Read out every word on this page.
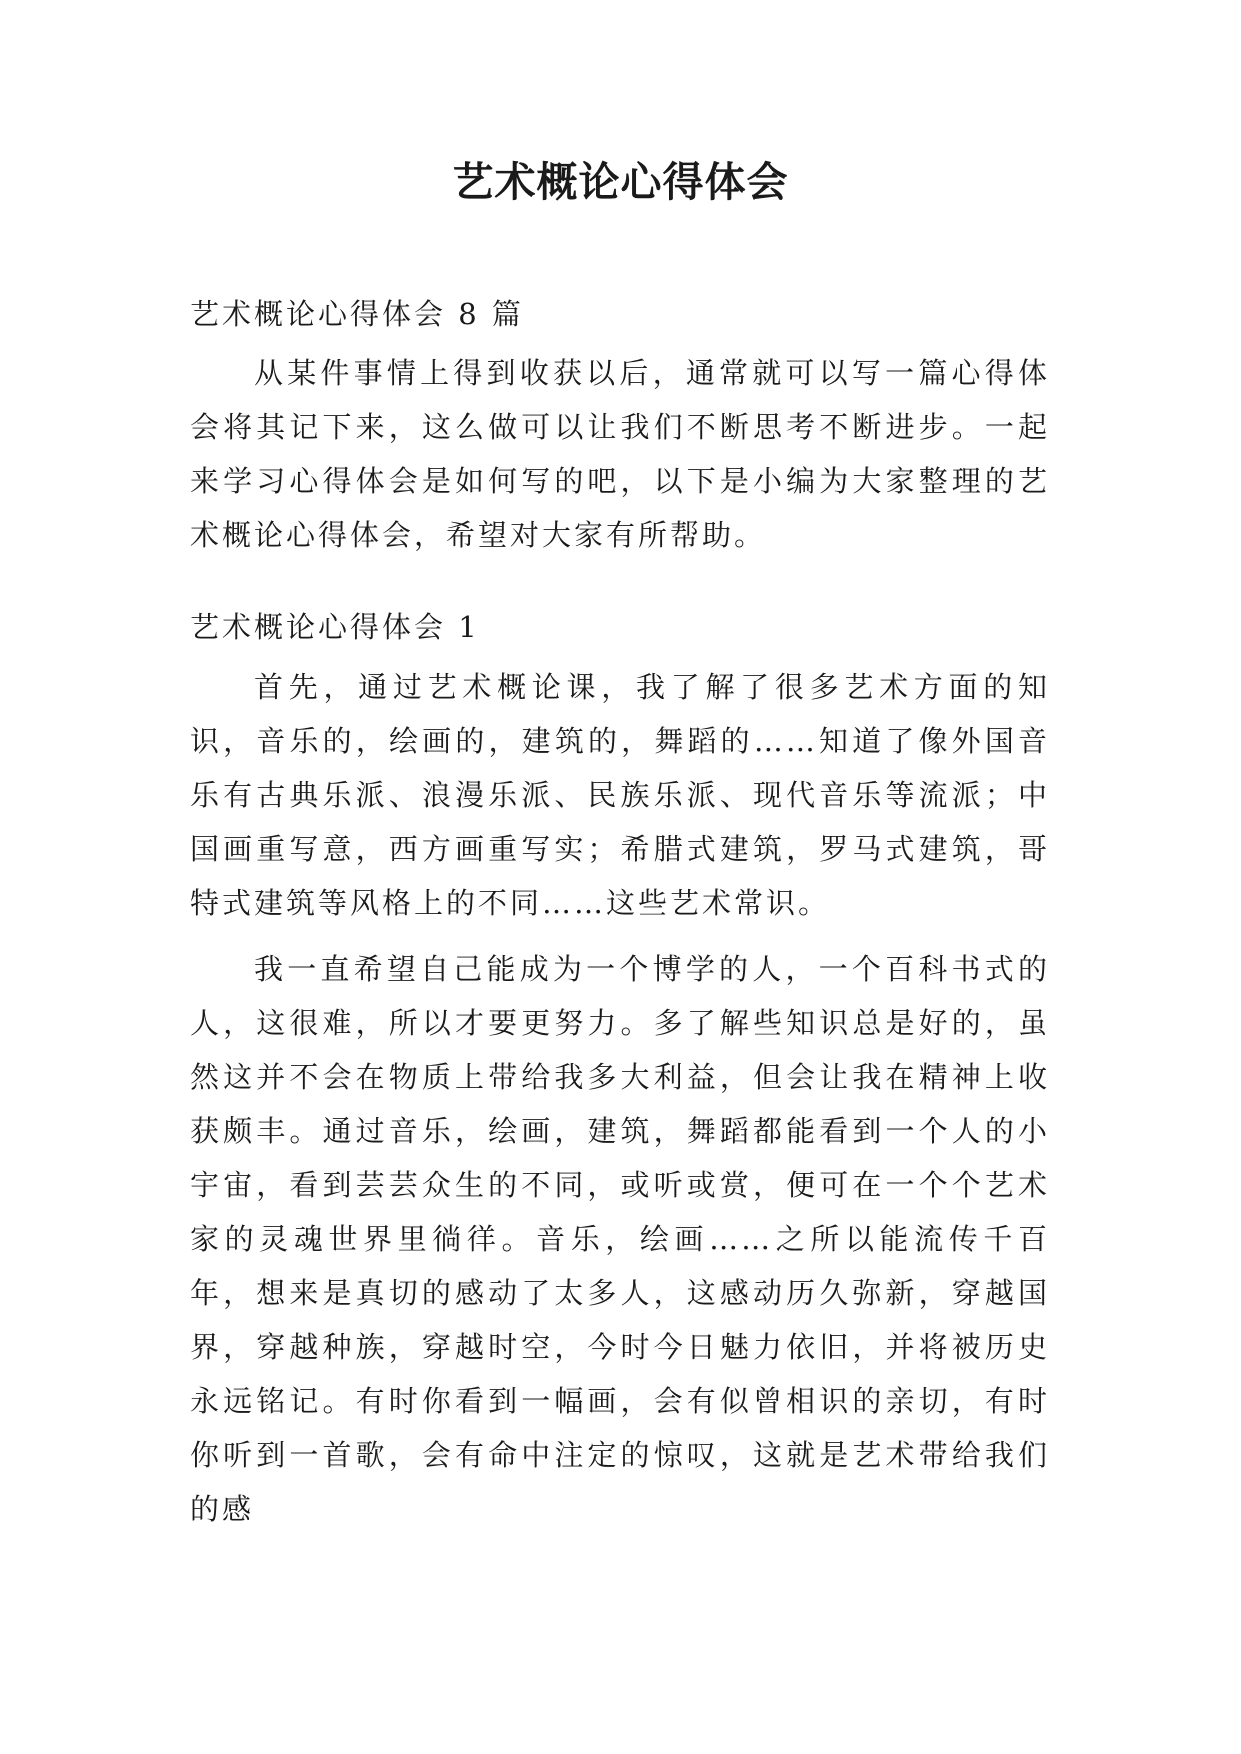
艺术概论心得体会
艺术概论心得体会 8 篇

从某件事情上得到收获以后，通常就可以写一篇心得体会将其记下来，这么做可以让我们不断思考不断进步。一起来学习心得体会是如何写的吧，以下是小编为大家整理的艺术概论心得体会，希望对大家有所帮助。

艺术概论心得体会 1

首先，通过艺术概论课，我了解了很多艺术方面的知识，音乐的，绘画的，建筑的，舞蹈的……知道了像外国音乐有古典乐派、浪漫乐派、民族乐派、现代音乐等流派；中国画重写意，西方画重写实；希腊式建筑，罗马式建筑，哥特式建筑等风格上的不同……这些艺术常识。

我一直希望自己能成为一个博学的人，一个百科书式的人，这很难，所以才要更努力。多了解些知识总是好的，虽然这并不会在物质上带给我多大利益，但会让我在精神上收获颇丰。通过音乐，绘画，建筑，舞蹈都能看到一个人的小宇宙，看到芸芸众生的不同，或听或赏，便可在一个个艺术家的灵魂世界里徜徉。音乐，绘画……之所以能流传千百年，想来是真切的感动了太多人，这感动历久弥新，穿越国界，穿越种族，穿越时空，今时今日魅力依旧，并将被历史永远铭记。有时你看到一幅画，会有似曾相识的亲切，有时你听到一首歌，会有命中注定的惊叹，这就是艺术带给我们的感
